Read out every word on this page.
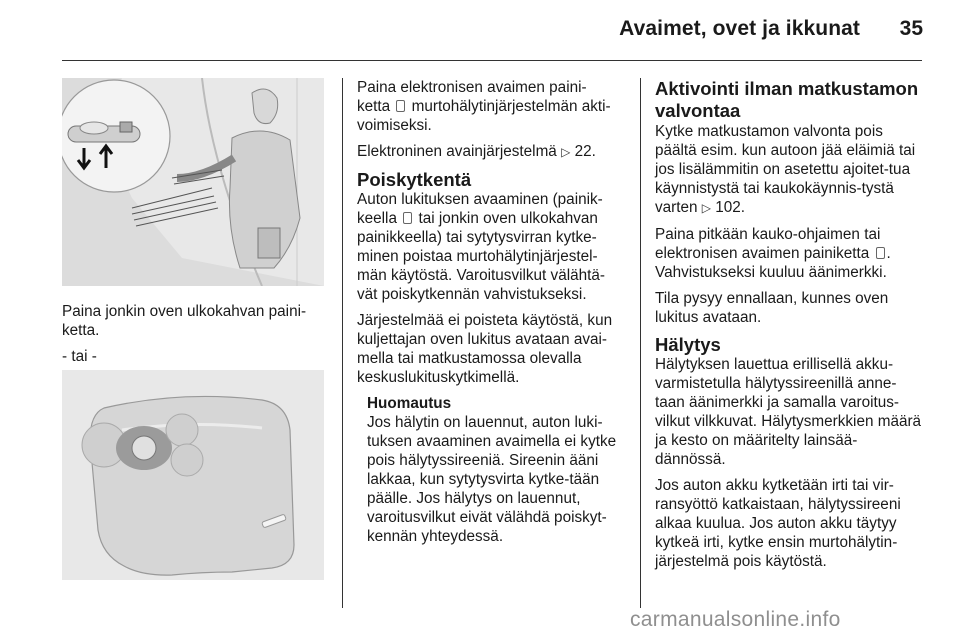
Avaimet, ovet ja ikkunat	35

Paina jonkin oven ulkokahvan paini-
ketta.

- tai -

Paina elektronisen avaimen paini-
ketta murtohälytinjärjestelmän akti-
voimiseksi.

Elektroninen avainjärjestelmä ▷ 22.

Poiskytkentä

Auton lukituksen avaaminen (painik-
keella tai jonkin oven ulkokahvan
painikkeella) tai sytytysvirran kytke-
minen poistaa murtohälytinjärjestel-
män käytöstä. Varoitusvilkut välähtä-
vät poiskytkennän vahvistukseksi.

Järjestelmää ei poisteta käytöstä, kun kuljettajan oven lukitus avataan avai-mella tai matkustamossa olevalla keskuslukituskytkimellä.

Huomautus
Jos hälytin on lauennut, auton luki-tuksen avaaminen avaimella ei kytke pois hälytyssireeniä. Sireenin ääni lakkaa, kun sytytysvirta kytke-tään päälle. Jos hälytys on lauennut, varoitusvilkut eivät välähdä poiskyt-kennän yhteydessä.
Aktivointi ilman matkustamon valvontaa

Kytke matkustamon valvonta pois päältä esim. kun autoon jää eläimiä tai jos lisälämmitin on asetettu ajoitet-tua käynnistystä tai kaukokäynnis-tystä varten ▷ 102.

Paina pitkään kauko-ohjaimen tai elektronisen avaimen painiketta . Vahvistukseksi kuuluu äänimerkki.

Tila pysyy ennallaan, kunnes oven lukitus avataan.

Hälytys

Hälytyksen lauettua erillisellä akku-varmistetulla hälytyssireenillä anne-taan äänimerkki ja samalla varoitus-vilkut vilkkuvat. Hälytysmerkkien määrä ja kesto on määritelty lainsää-dännössä.

Jos auton akku kytketään irti tai vir-ransyöttö katkaistaan, hälytyssireeni alkaa kuulua. Jos auton akku täytyy kytkeä irti, kytke ensin murtohälytin-järjestelmä pois käytöstä.

carmanualsonline.info
